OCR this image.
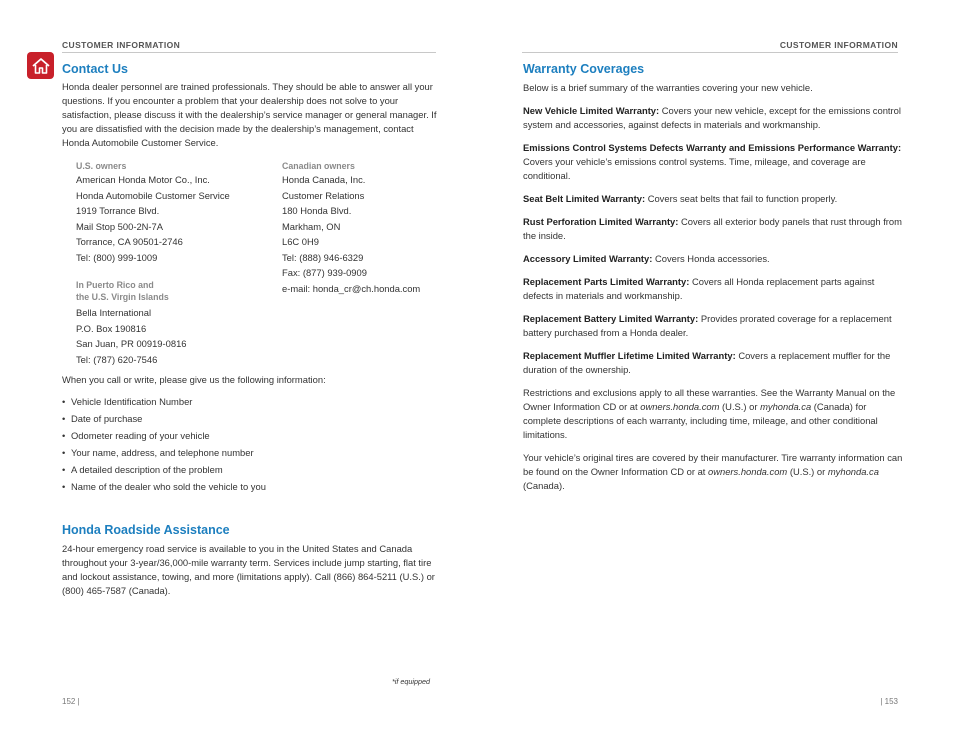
CUSTOMER INFORMATION
Contact Us

Honda dealer personnel are trained professionals. They should be able to answer all your questions. If you encounter a problem that your dealership does not solve to your satisfaction, please discuss it with the dealership’s service manager or general manager. If you are dissatisfied with the decision made by the dealership’s management, contact Honda Automobile Customer Service.

U.S. owners
American Honda Motor Co., Inc.
Honda Automobile Customer Service
1919 Torrance Blvd.
Mail Stop 500-2N-7A
Torrance, CA 90501-2746
Tel: (800) 999-1009
In Puerto Rico and
the U.S. Virgin Islands
Bella International
P.O. Box 190816
San Juan, PR 00919-0816
Tel: (787) 620-7546
Canadian owners
Honda Canada, Inc.
Customer Relations
180 Honda Blvd.
Markham, ON
L6C 0H9
Tel: (888) 946-6329
Fax: (877) 939-0909
e-mail: honda_cr@ch.honda.com

When you call or write, please give us the following information:

• Vehicle Identification Number
• Date of purchase
• Odometer reading of your vehicle
• Your name, address, and telephone number
• A detailed description of the problem
• Name of the dealer who sold the vehicle to you
Honda Roadside Assistance

24-hour emergency road service is available to you in the United States and Canada throughout your 3-year/36,000-mile warranty term. Services include jump starting, flat tire and lockout assistance, towing, and more (limitations apply). Call (866) 864-5211 (U.S.) or (800) 465-7587 (Canada).

*if equipped
152 |
CUSTOMER INFORMATION
Warranty Coverages

Below is a brief summary of the warranties covering your new vehicle.

New Vehicle Limited Warranty: Covers your new vehicle, except for the emissions control system and accessories, against defects in materials and workmanship.

Emissions Control Systems Defects Warranty and Emissions Performance Warranty: Covers your vehicle’s emissions control systems. Time, mileage, and coverage are conditional.

Seat Belt Limited Warranty: Covers seat belts that fail to function properly.

Rust Perforation Limited Warranty: Covers all exterior body panels that rust through from the inside.

Accessory Limited Warranty: Covers Honda accessories.

Replacement Parts Limited Warranty: Covers all Honda replacement parts against defects in materials and workmanship.

Replacement Battery Limited Warranty: Provides prorated coverage for a replacement battery purchased from a Honda dealer.

Replacement Muffler Lifetime Limited Warranty: Covers a replacement muffler for the duration of the ownership.

Restrictions and exclusions apply to all these warranties. See the Warranty Manual on the Owner Information CD or at owners.honda.com (U.S.) or myhonda.ca (Canada) for complete descriptions of each warranty, including time, mileage, and other conditional limitations.

Your vehicle’s original tires are covered by their manufacturer. Tire warranty information can be found on the Owner Information CD or at owners.honda.com (U.S.) or myhonda.ca (Canada).

| 153
